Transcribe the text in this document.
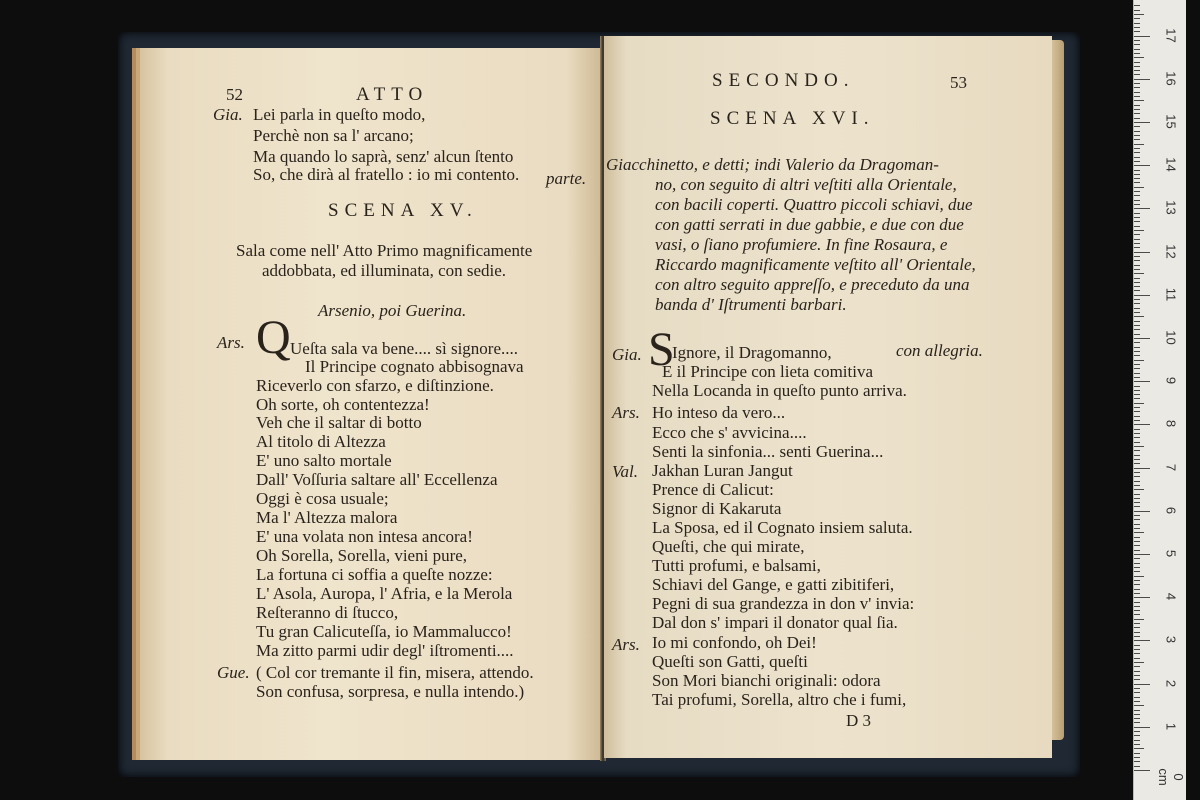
52	ATTO
Gia. Lei parla in queſto modo,
Perchè non sa l' arcano;
Ma quando lo saprà, senz' alcun ſtento
So, che dirà al fratello : io mi contento. parte.
SCENA XV.
Sala come nell' Atto Primo magnificamente
addobbata, ed illuminata, con sedie.
Arsenio, poi Guerina.
Ars. Q Ueſta sala va bene.... sì signore....
Il Principe cognato abbisognava
Riceverlo con sfarzo, e diſtinzione.
Oh sorte, oh contentezza!
Veh che il saltar di botto
Al titolo di Altezza
E' uno salto mortale
Dall' Voſſuria saltare all' Eccellenza
Oggi è cosa usuale;
Ma l' Altezza malora
E' una volata non intesa ancora!
Oh Sorella, Sorella, vieni pure,
La fortuna ci soffia a queſte nozze:
L' Asola, Auropa, l' Afria, e la Merola
Reſteranno di ſtucco,
Tu gran Calicuteſſa, io Mammalucco!
Ma zitto parmi udir degl' iſtromenti....
Gue. ( Col cor tremante il fin, misera, attendo.
Son confusa, sorpresa, e nulla intendo.)
SECONDO.	53
SCENA XVI.
Giacchinetto, e detti; indi Valerio da Dragoman-
no, con seguito di altri veſtiti alla Orientale,
con bacili coperti. Quattro piccoli schiavi, due
con gatti serrati in due gabbie, e due con due
vasi, o ſiano profumiere. In fine Rosaura, e
Riccardo magnificamente veſtito all' Orientale,
con altro seguito appreſſo, e preceduto da una
banda d' Iſtrumenti barbari.
Gia. S
Ignore, il Dragomanno,	con allegria.
E il Principe con lieta comitiva
Nella Locanda in queſto punto arriva.
Ars. Ho inteso da vero...
Ecco che s' avvicina....
Senti la sinfonia... senti Guerina...
Val. Jakhan Luran Jangut
Prence di Calicut:
Signor di Kakaruta
La Sposa, ed il Cognato insiem saluta.
Queſti, che qui mirate,
Tutti profumi, e balsami,
Schiavi del Gange, e gatti zibitiferi,
Pegni di sua grandezza in don v' invia:
Dal don s' impari il donator qual ſia.
Ars. Io mi confondo, oh Dei!
Queſti son Gatti, queſti
Son Mori bianchi originali: odora
Tai profumi, Sorella, altro che i fumi,
D 3
0 cm
1
2
3
4
5
6
7
8
9
10
11
12
13
14
15
16
17
